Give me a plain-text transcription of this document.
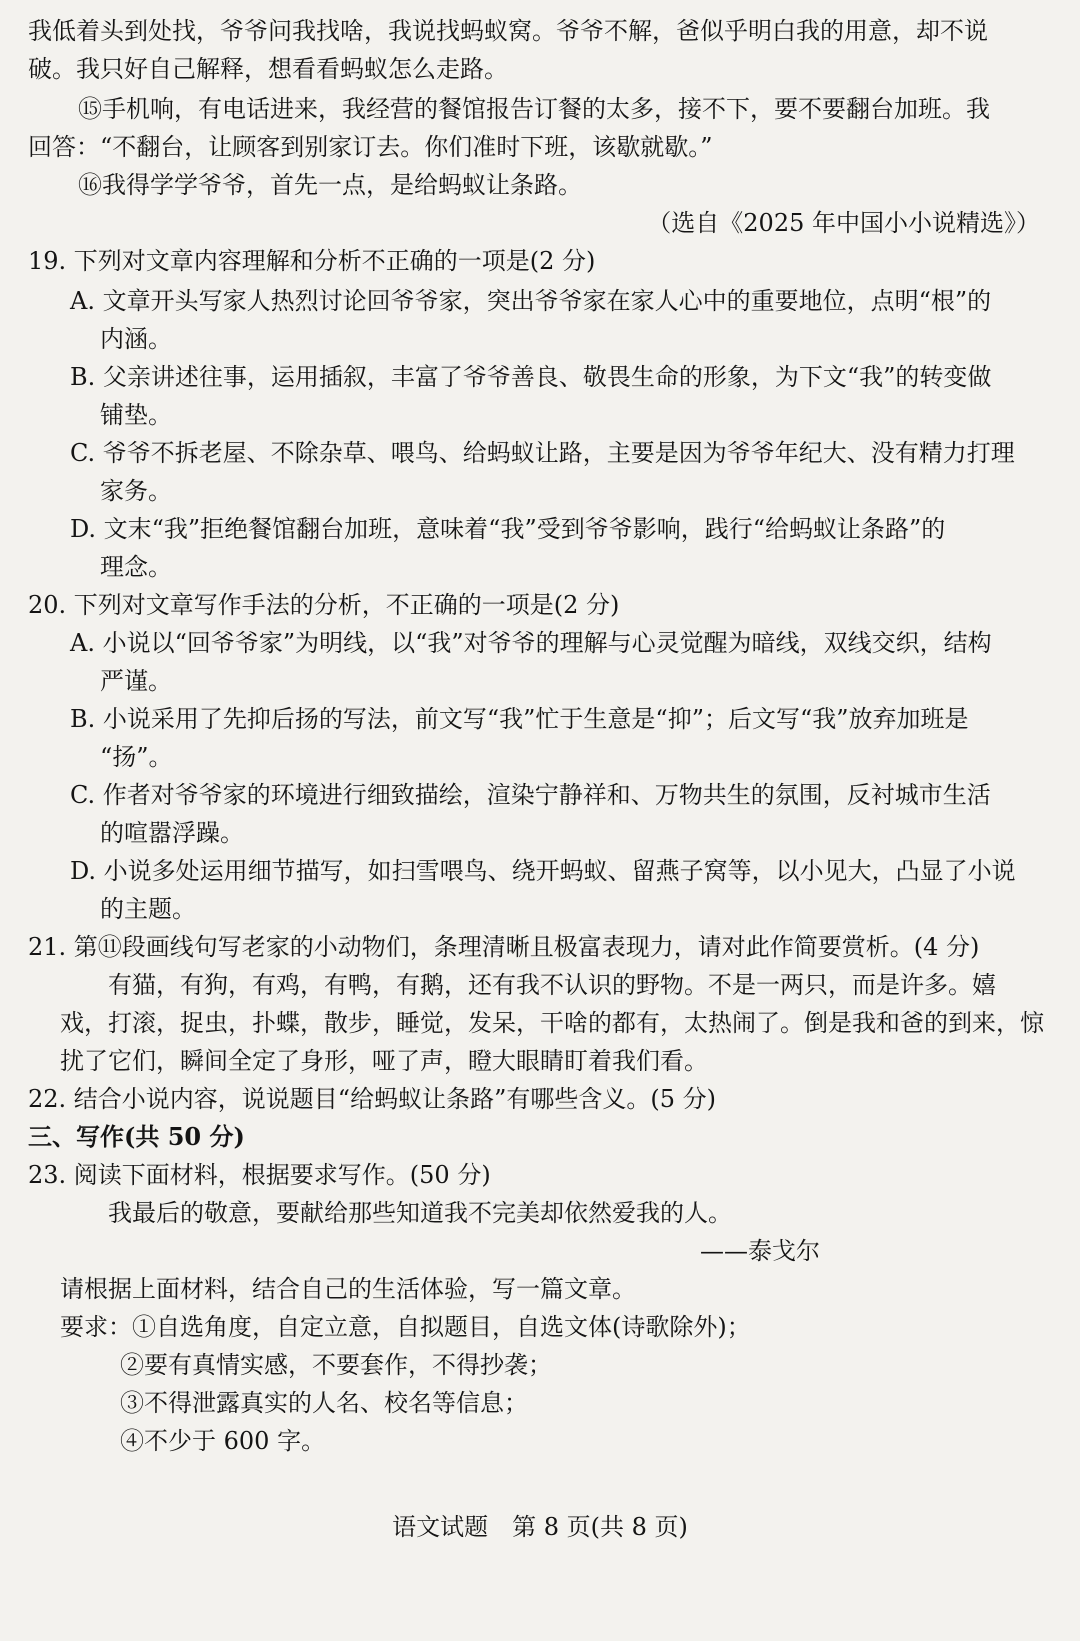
我低着头到处找，爷爷问我找啥，我说找蚂蚁窝。爷爷不解，爸似乎明白我的用意，却不说
破。我只好自己解释，想看看蚂蚁怎么走路。
⑮手机响，有电话进来，我经营的餐馆报告订餐的太多，接不下，要不要翻台加班。我
回答：“不翻台，让顾客到别家订去。你们准时下班，该歇就歇。”
⑯我得学学爷爷，首先一点，是给蚂蚁让条路。
（选自《2025 年中国小小说精选》）
19. 下列对文章内容理解和分析不正确的一项是(2 分)
A. 文章开头写家人热烈讨论回爷爷家，突出爷爷家在家人心中的重要地位，点明“根”的
内涵。
B. 父亲讲述往事，运用插叙，丰富了爷爷善良、敬畏生命的形象，为下文“我”的转变做
铺垫。
C. 爷爷不拆老屋、不除杂草、喂鸟、给蚂蚁让路，主要是因为爷爷年纪大、没有精力打理
家务。
D. 文末“我”拒绝餐馆翻台加班，意味着“我”受到爷爷影响，践行“给蚂蚁让条路”的
理念。
20. 下列对文章写作手法的分析，不正确的一项是(2 分)
A. 小说以“回爷爷家”为明线，以“我”对爷爷的理解与心灵觉醒为暗线，双线交织，结构
严谨。
B. 小说采用了先抑后扬的写法，前文写“我”忙于生意是“抑”；后文写“我”放弃加班是
“扬”。
C. 作者对爷爷家的环境进行细致描绘，渲染宁静祥和、万物共生的氛围，反衬城市生活
的喧嚣浮躁。
D. 小说多处运用细节描写，如扫雪喂鸟、绕开蚂蚁、留燕子窝等，以小见大，凸显了小说
的主题。
21. 第⑪段画线句写老家的小动物们，条理清晰且极富表现力，请对此作简要赏析。(4 分)
有猫，有狗，有鸡，有鸭，有鹅，还有我不认识的野物。不是一两只，而是许多。嬉
戏，打滚，捉虫，扑蝶，散步，睡觉，发呆，干啥的都有，太热闹了。倒是我和爸的到来，惊
扰了它们，瞬间全定了身形，哑了声，瞪大眼睛盯着我们看。
22. 结合小说内容，说说题目“给蚂蚁让条路”有哪些含义。(5 分)
三、写作(共 50 分)
23. 阅读下面材料，根据要求写作。(50 分)
我最后的敬意，要献给那些知道我不完美却依然爱我的人。
——泰戈尔
请根据上面材料，结合自己的生活体验，写一篇文章。
要求：①自选角度，自定立意，自拟题目，自选文体(诗歌除外)；
②要有真情实感，不要套作，不得抄袭；
③不得泄露真实的人名、校名等信息；
④不少于 600 字。
语文试题　第 8 页(共 8 页)
